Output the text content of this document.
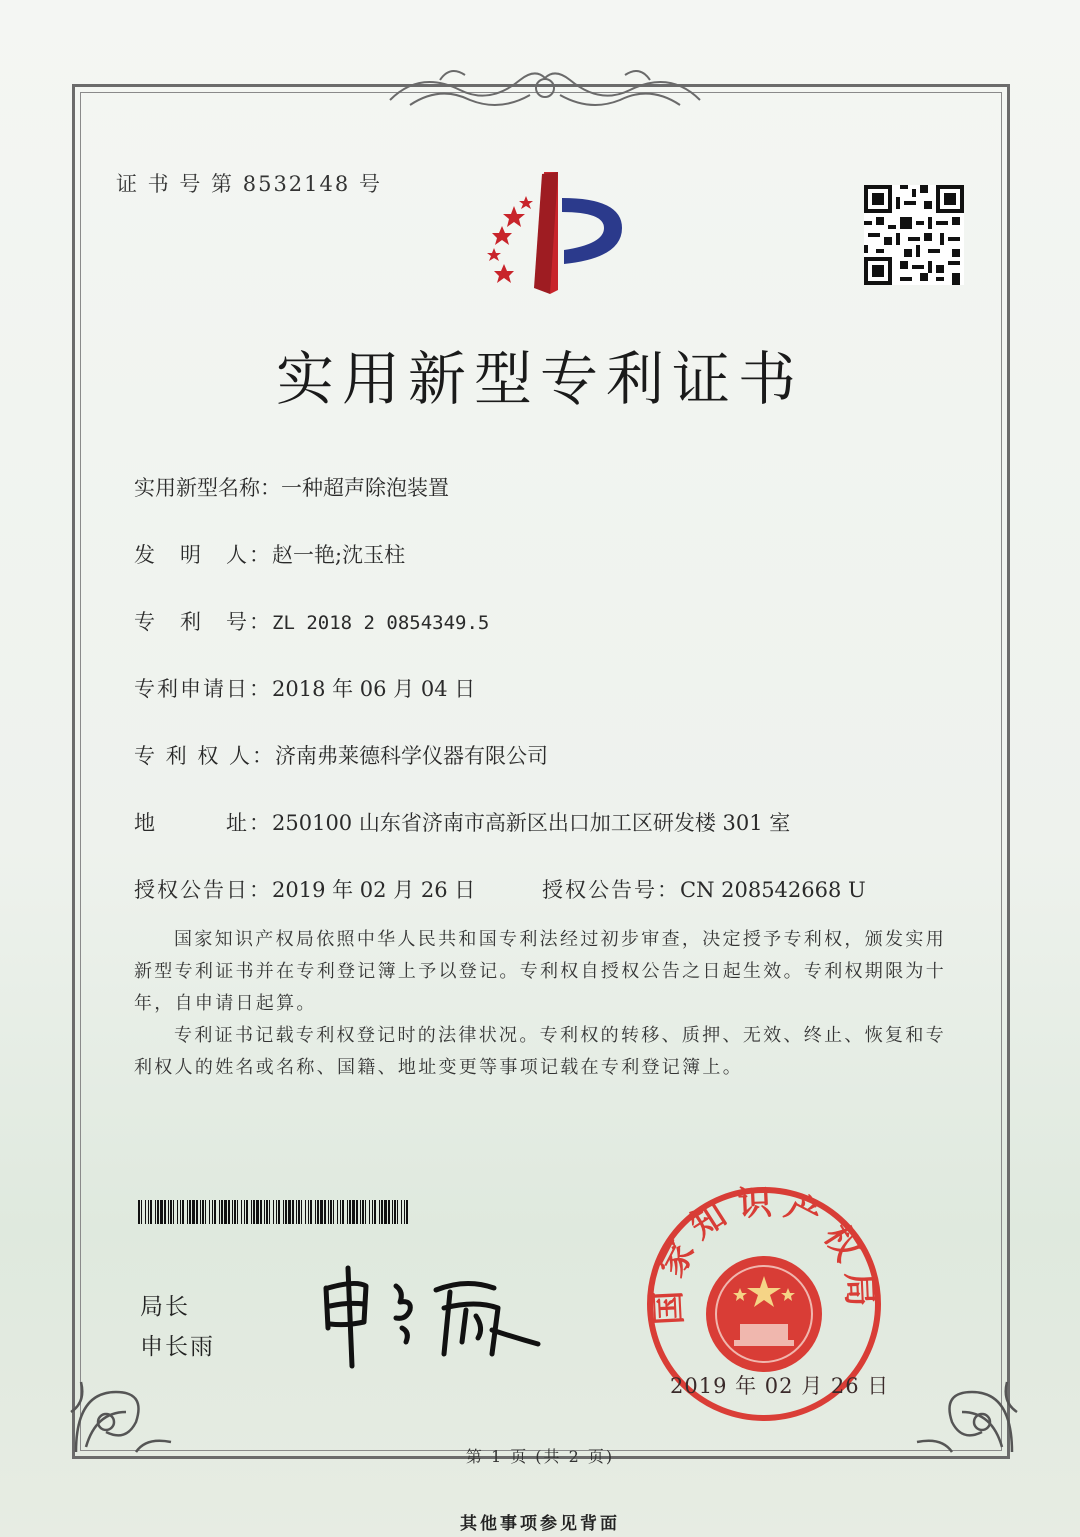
证 书 号 第 8532148 号
实用新型专利证书
实用新型名称：一种超声除泡装置
发　明　人：赵一艳;沈玉柱
专　利　号：ZL 2018 2 0854349.5
专利申请日：2018 年 06 月 04 日
专 利 权 人：济南弗莱德科学仪器有限公司
地　　　址：250100 山东省济南市高新区出口加工区研发楼 301 室
授权公告日：2019 年 02 月 26 日	授权公告号：CN 208542668 U
国家知识产权局依照中华人民共和国专利法经过初步审查，决定授予专利权，颁发实用新型专利证书并在专利登记簿上予以登记。专利权自授权公告之日起生效。专利权期限为十年，自申请日起算。
专利证书记载专利权登记时的法律状况。专利权的转移、质押、无效、终止、恢复和专利权人的姓名或名称、国籍、地址变更等事项记载在专利登记簿上。
局长
申长雨
国家知识产权局
2019 年 02 月 26 日
第 1 页 (共 2 页)
其他事项参见背面
